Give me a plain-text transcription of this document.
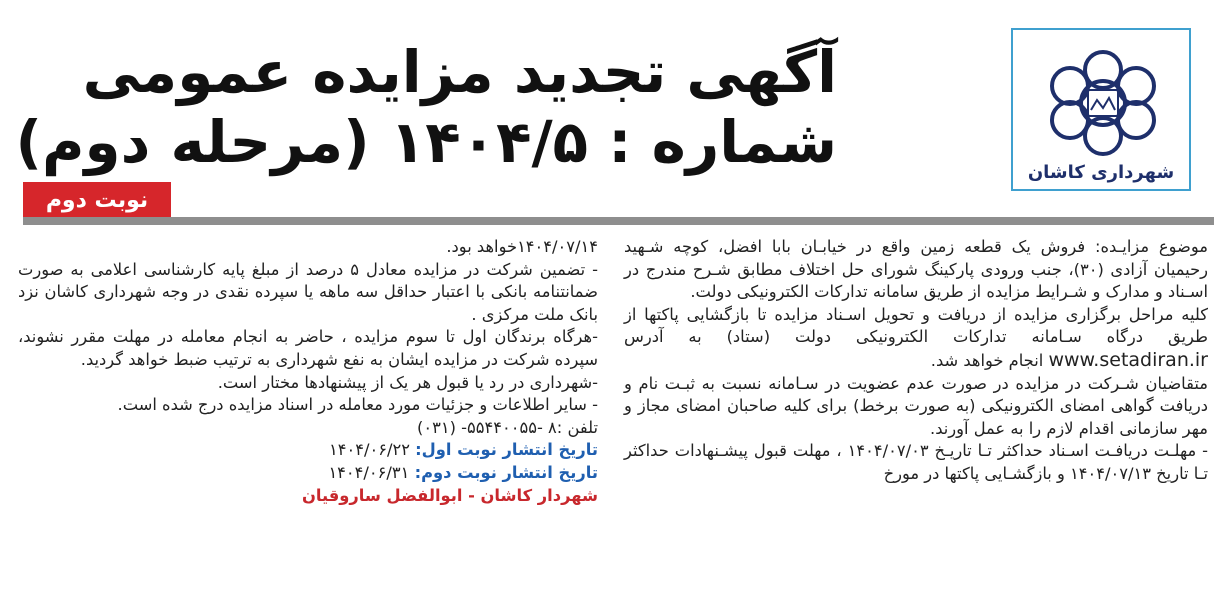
شهرداری کاشان
آگهی تجدید مزایده عمومی
شماره : ۱۴۰۴/۵ (مرحله دوم)
نوبت دوم

موضوع مزایـده: فروش یک قطعه زمین واقع در خیابـان بابا افضل، کوچه شـهید رحیمیان آزادی (۳۰)، جنب ورودی پارکینگ شورای حل اختلاف مطابق شـرح مندرج در اسـناد و مدارک و شـرایط مزایده از طریق سامانه تدارکات الکترونیکی دولت.

کلیه مراحل برگزاری مزایده از دریافت و تحویل اسـناد مزایده تا بازگشایی پاکتها از طریق درگاه سـامانه تدارکات الکترونیکی دولت (ستاد) به آدرس www.setadiran.ir انجام خواهد شد.

متقاضیان شـرکت در مزایده در صورت عدم عضویت در سـامانه نسبت به ثبـت نام و دریافت گواهی امضای الکترونیکی (به صورت برخط) برای کلیه صاحبان امضای مجاز و مهر سازمانی اقدام لازم را به عمل آورند.

- مهلـت دریافـت اسـناد حداکثر تـا تاریـخ ۱۴۰۴/۰۷/۰۳ ، مهلت قبول پیشـنهادات حداکثر تـا تاریخ ۱۴۰۴/۰۷/۱۳ و بازگشـایی پاکتها در مورخ

۱۴۰۴/۰۷/۱۴خواهد بود.

- تضمین شرکت در مزایده معادل ۵ درصد از مبلغ پایه کارشناسی اعلامی به صورت ضمانتنامه بانکی با اعتبار حداقل سه ماهه یا سپرده نقدی در وجه شهرداری کاشان نزد بانک ملت مرکزی .

-هرگاه برندگان اول تا سوم مزایده ، حاضر به انجام معامله در مهلت مقرر نشوند، سپرده شرکت در مزایده ایشان به نفع شهرداری به ترتیب ضبط خواهد گردید.

-شهرداری در رد یا قبول هر یک از پیشنهادها مختار است.

- سایر اطلاعات و جزئیات مورد معامله در اسناد مزایده درج شده است.

تلفن :۸ -۵۵۴۴۰۰۵۵- (۰۳۱)

تاریخ انتشار نوبت اول: ۱۴۰۴/۰۶/۲۲

تاریخ انتشار نوبت دوم: ۱۴۰۴/۰۶/۳۱

شهردار کاشان - ابوالفضل ساروقیان
